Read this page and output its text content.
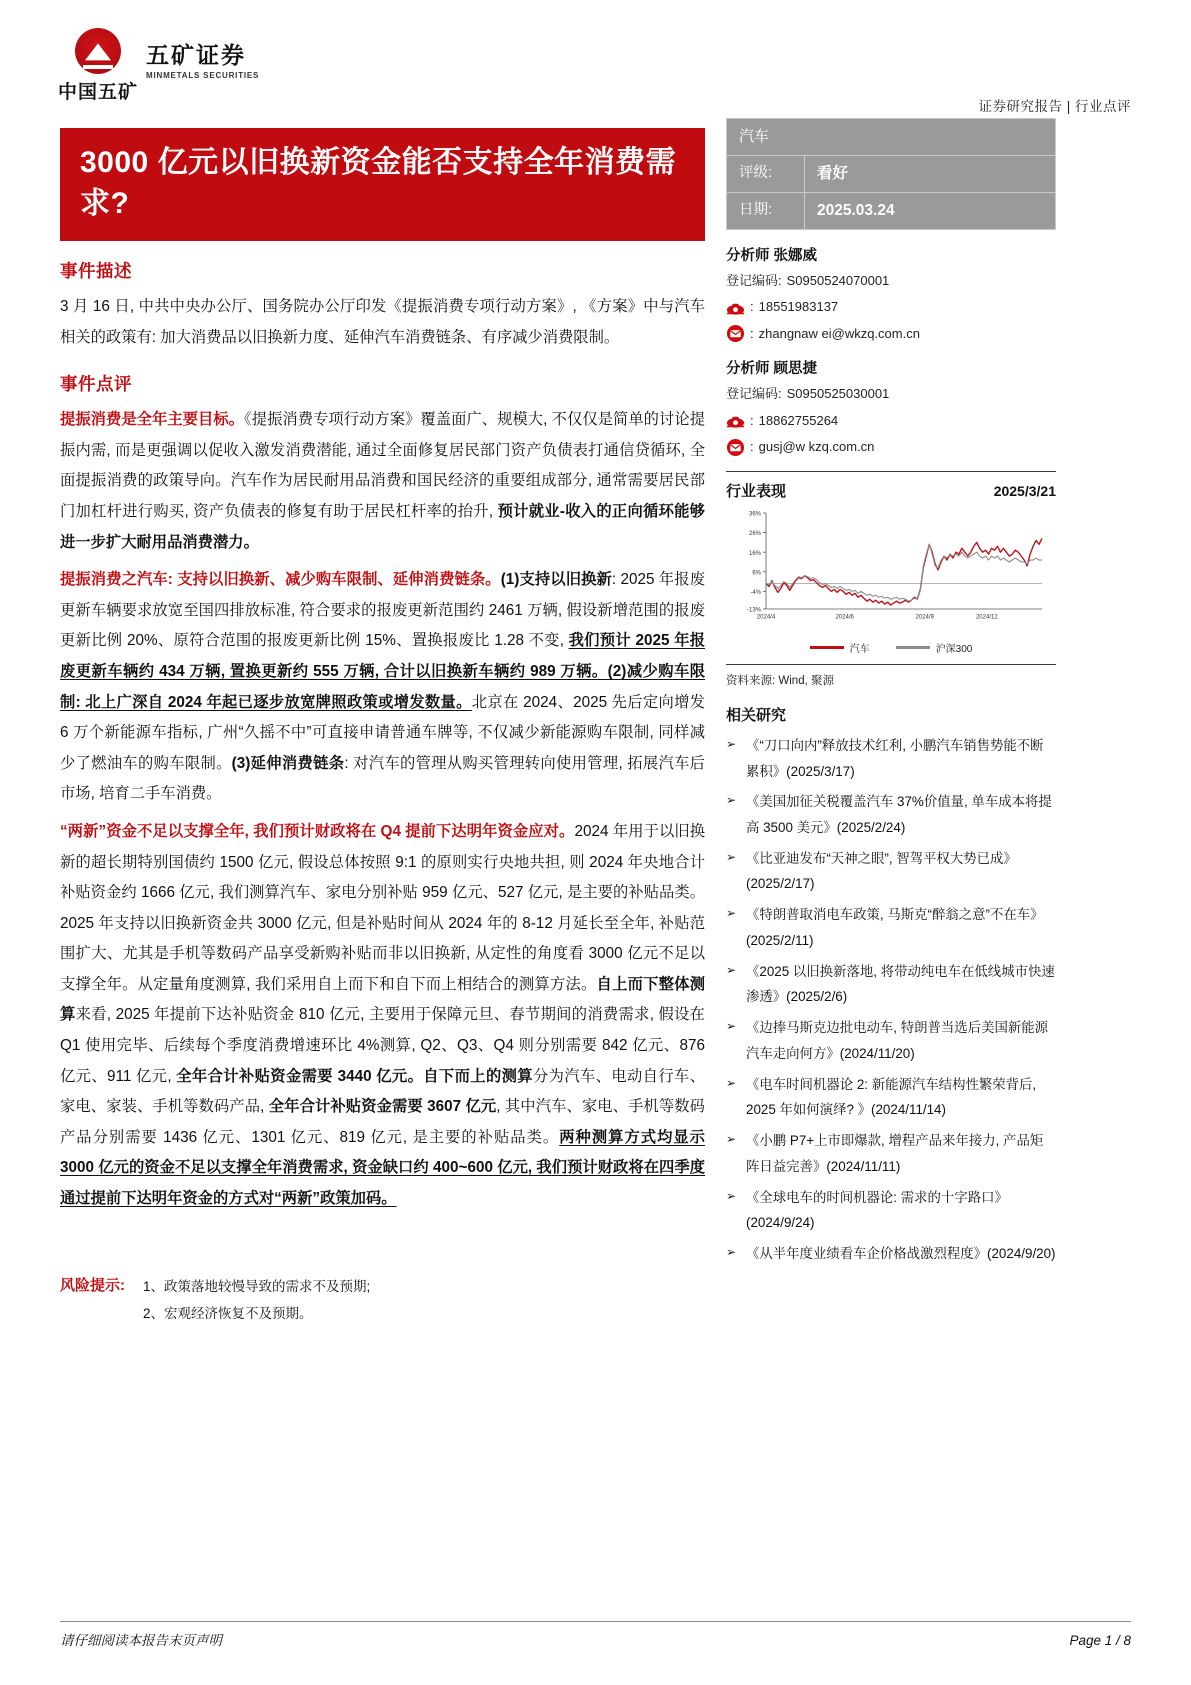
中国五矿
五矿证券
MINMETALS SECURITIES
证券研究报告 | 行业点评
3000 亿元以旧换新资金能否支持全年消费需求?
事件描述

3 月 16 日, 中共中央办公厅、国务院办公厅印发《提振消费专项行动方案》, 《方案》中与汽车相关的政策有: 加大消费品以旧换新力度、延伸汽车消费链条、有序减少消费限制。

事件点评

提振消费是全年主要目标。《提振消费专项行动方案》覆盖面广、规模大, 不仅仅是简单的讨论提振内需, 而是更强调以促收入激发消费潜能, 通过全面修复居民部门资产负债表打通信贷循环, 全面提振消费的政策导向。汽车作为居民耐用品消费和国民经济的重要组成部分, 通常需要居民部门加杠杆进行购买, 资产负债表的修复有助于居民杠杆率的抬升, 预计就业-收入的正向循环能够进一步扩大耐用品消费潜力。

提振消费之汽车: 支持以旧换新、减少购车限制、延伸消费链条。(1)支持以旧换新: 2025 年报废更新车辆要求放宽至国四排放标准, 符合要求的报废更新范围约 2461 万辆, 假设新增范围的报废更新比例 20%、原符合范围的报废更新比例 15%、置换报废比 1.28 不变, 我们预计 2025 年报废更新车辆约 434 万辆, 置换更新约 555 万辆, 合计以旧换新车辆约 989 万辆。(2)减少购车限制: 北上广深自 2024 年起已逐步放宽牌照政策或增发数量。北京在 2024、2025 先后定向增发 6 万个新能源车指标, 广州“久摇不中”可直接申请普通车牌等, 不仅减少新能源购车限制, 同样减少了燃油车的购车限制。(3)延伸消费链条: 对汽车的管理从购买管理转向使用管理, 拓展汽车后市场, 培育二手车消费。

“两新”资金不足以支撑全年, 我们预计财政将在 Q4 提前下达明年资金应对。2024 年用于以旧换新的超长期特别国债约 1500 亿元, 假设总体按照 9:1 的原则实行央地共担, 则 2024 年央地合计补贴资金约 1666 亿元, 我们测算汽车、家电分别补贴 959 亿元、527 亿元, 是主要的补贴品类。2025 年支持以旧换新资金共 3000 亿元, 但是补贴时间从 2024 年的 8-12 月延长至全年, 补贴范围扩大、尤其是手机等数码产品享受新购补贴而非以旧换新, 从定性的角度看 3000 亿元不足以支撑全年。从定量角度测算, 我们采用自上而下和自下而上相结合的测算方法。自上而下整体测算来看, 2025 年提前下达补贴资金 810 亿元, 主要用于保障元旦、春节期间的消费需求, 假设在 Q1 使用完毕、后续每个季度消费增速环比 4%测算, Q2、Q3、Q4 则分别需要 842 亿元、876 亿元、911 亿元, 全年合计补贴资金需要 3440 亿元。自下而上的测算分为汽车、电动自行车、家电、家装、手机等数码产品, 全年合计补贴资金需要 3607 亿元, 其中汽车、家电、手机等数码产品分别需要 1436 亿元、1301 亿元、819 亿元, 是主要的补贴品类。两种测算方式均显示 3000 亿元的资金不足以支撑全年消费需求, 资金缺口约 400~600 亿元, 我们预计财政将在四季度通过提前下达明年资金的方式对“两新”政策加码。

风险提示: 1、政策落地较慢导致的需求不及预期;
2、宏观经济恢复不及预期。
汽车	
评级:	看好
日期:	2025.03.24
分析师 张娜威
登记编码: S0950524070001
: 18551983137
: zhangnaw ei@wkzq.com.cn
分析师 顾思捷
登记编码: S0950525030001
: 18862755264
: gusj@w kzq.com.cn
行业表现	2025/3/21
36%
26%
16%
6%
-4%
-13%
2024/4	2024/6	2024/9	2024/12
汽车	沪深300
资料来源: Wind, 聚源
相关研究
➢ 《“刀口向内”释放技术红利, 小鹏汽车销售势能不断累积》(2025/3/17)
➢ 《美国加征关税覆盖汽车 37%价值量, 单车成本将提高 3500 美元》(2025/2/24)
➢ 《比亚迪发布“天神之眼”, 智驾平权大势已成》(2025/2/17)
➢ 《特朗普取消电车政策, 马斯克“醉翁之意”不在车》(2025/2/11)
➢ 《2025 以旧换新落地, 将带动纯电车在低线城市快速渗透》(2025/2/6)
➢ 《边捧马斯克边批电动车, 特朗普当选后美国新能源汽车走向何方》(2024/11/20)
➢ 《电车时间机器论 2: 新能源汽车结构性繁荣背后, 2025 年如何演绎? 》(2024/11/14)
➢ 《小鹏 P7+上市即爆款, 增程产品来年接力, 产品矩阵日益完善》(2024/11/11)
➢ 《全球电车的时间机器论: 需求的十字路口》(2024/9/24)
➢ 《从半年度业绩看车企价格战激烈程度》(2024/9/20)
请仔细阅读本报告末页声明	Page 1 / 8
